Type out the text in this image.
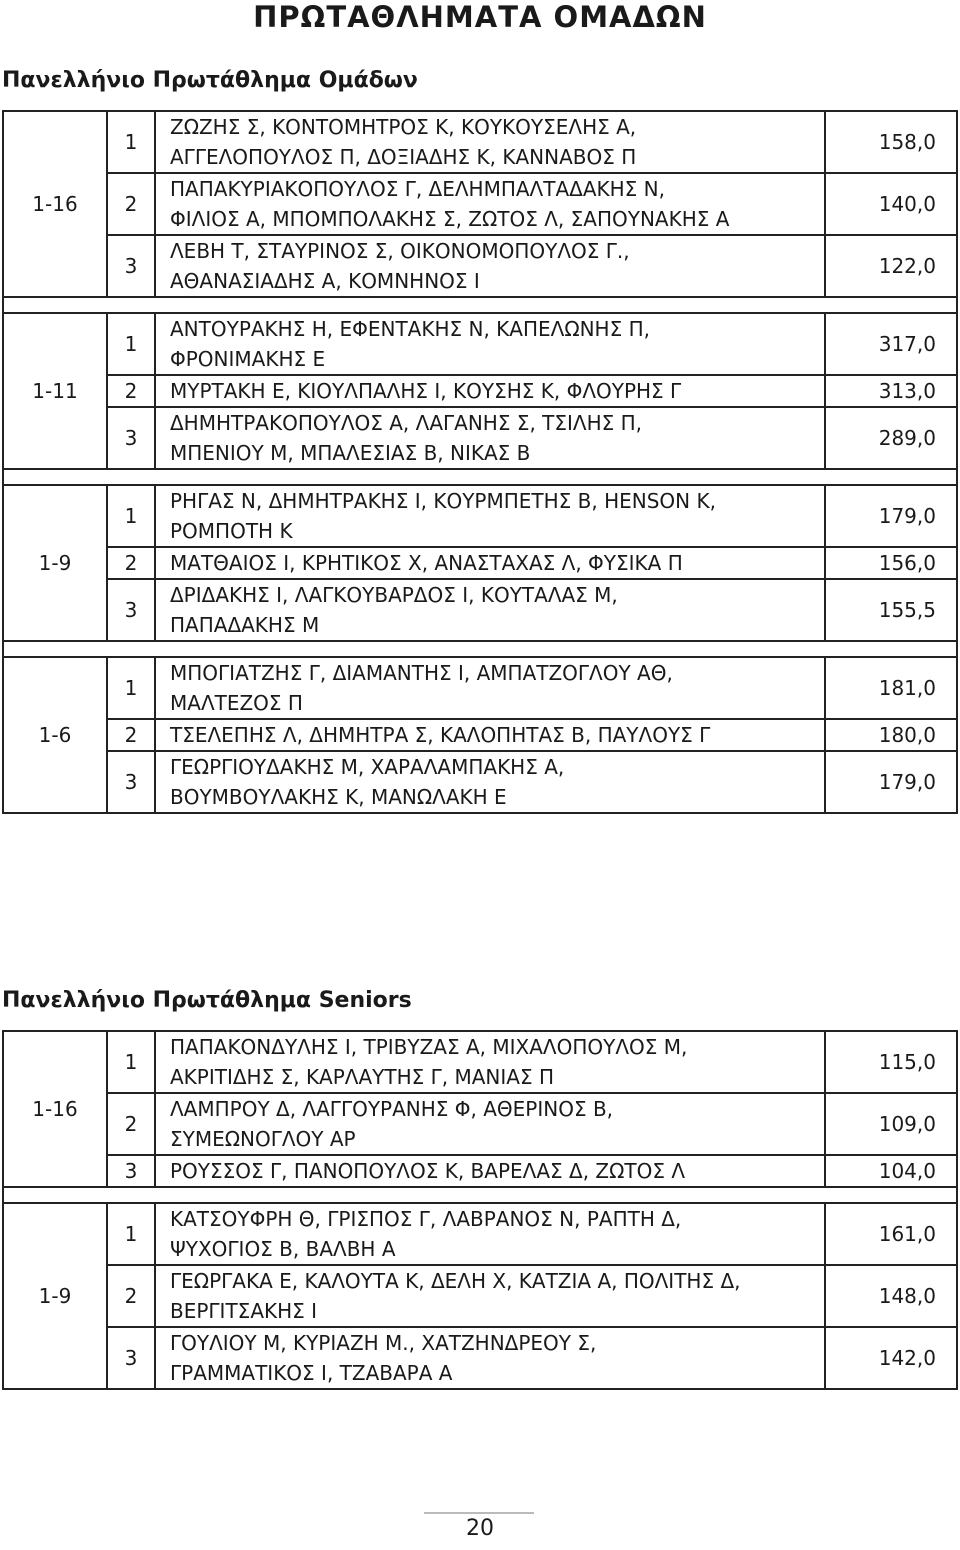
ΠΡΩΤΑΘΛΗΜΑΤΑ ΟΜΑΔΩΝ
Πανελλήνιο Πρωτάθλημα Ομάδων
1-16	1	ΖΩΖΗΣ Σ, ΚΟΝΤΟΜΗΤΡΟΣ Κ, ΚΟΥΚΟΥΣΕΛΗΣ Α,
ΑΓΓΕΛΟΠΟΥΛΟΣ Π, ΔΟΞΙΑΔΗΣ Κ, ΚΑΝΝΑΒΟΣ Π	158,0
	2	ΠΑΠΑΚΥΡΙΑΚΟΠΟΥΛΟΣ Γ, ΔΕΛΗΜΠΑΛΤΑΔΑΚΗΣ Ν,
ΦΙΛΙΟΣ Α, ΜΠΟΜΠΟΛΑΚΗΣ Σ, ΖΩΤΟΣ Λ, ΣΑΠΟΥΝΑΚΗΣ Α	140,0
	3	ΛΕΒΗ Τ, ΣΤΑΥΡΙΝΟΣ Σ, ΟΙΚΟΝΟΜΟΠΟΥΛΟΣ Γ.,
ΑΘΑΝΑΣΙΑΔΗΣ Α, ΚΟΜΝΗΝΟΣ Ι	122,0

1-11	1	ΑΝΤΟΥΡΑΚΗΣ Η, ΕΦΕΝΤΑΚΗΣ Ν, ΚΑΠΕΛΩΝΗΣ Π,
ΦΡΟΝΙΜΑΚΗΣ Ε	317,0
	2	ΜΥΡΤΑΚΗ Ε, ΚΙΟΥΛΠΑΛΗΣ Ι, ΚΟΥΣΗΣ Κ, ΦΛΟΥΡΗΣ Γ	313,0
	3	ΔΗΜΗΤΡΑΚΟΠΟΥΛΟΣ Α, ΛΑΓΑΝΗΣ Σ, ΤΣΙΛΗΣ Π,
ΜΠΕΝΙΟΥ Μ, ΜΠΑΛΕΣΙΑΣ Β, ΝΙΚΑΣ Β	289,0

1-9	1	ΡΗΓΑΣ Ν, ΔΗΜΗΤΡΑΚΗΣ Ι, ΚΟΥΡΜΠΕΤΗΣ Β, HENSON Κ,
ΡΟΜΠΟΤΗ Κ	179,0
	2	ΜΑΤΘΑΙΟΣ Ι, ΚΡΗΤΙΚΟΣ Χ, ΑΝΑΣΤΑΧΑΣ Λ, ΦΥΣΙΚΑ Π	156,0
	3	ΔΡΙΔΑΚΗΣ Ι, ΛΑΓΚΟΥΒΑΡΔΟΣ Ι, ΚΟΥΤΑΛΑΣ Μ,
ΠΑΠΑΔΑΚΗΣ Μ	155,5

1-6	1	ΜΠΟΓΙΑΤΖΗΣ Γ, ΔΙΑΜΑΝΤΗΣ Ι, ΑΜΠΑΤΖΟΓΛΟΥ ΑΘ,
ΜΑΛΤΕΖΟΣ Π	181,0
	2	ΤΣΕΛΕΠΗΣ Λ, ΔΗΜΗΤΡΑ Σ, ΚΑΛΟΠΗΤΑΣ Β, ΠΑΥΛΟΥΣ Γ	180,0
	3	ΓΕΩΡΓΙΟΥΔΑΚΗΣ Μ, ΧΑΡΑΛΑΜΠΑΚΗΣ Α,
ΒΟΥΜΒΟΥΛΑΚΗΣ Κ, ΜΑΝΩΛΑΚΗ Ε	179,0
Πανελλήνιο Πρωτάθλημα Seniors
1-16	1	ΠΑΠΑΚΟΝΔΥΛΗΣ Ι, ΤΡΙΒΥΖΑΣ Α, ΜΙΧΑΛΟΠΟΥΛΟΣ Μ,
ΑΚΡΙΤΙΔΗΣ Σ, ΚΑΡΛΑΥΤΗΣ Γ, ΜΑΝΙΑΣ Π	115,0
	2	ΛΑΜΠΡΟΥ Δ, ΛΑΓΓΟΥΡΑΝΗΣ Φ, ΑΘΕΡΙΝΟΣ Β,
ΣΥΜΕΩΝΟΓΛΟΥ ΑΡ	109,0
	3	ΡΟΥΣΣΟΣ Γ, ΠΑΝΟΠΟΥΛΟΣ Κ, ΒΑΡΕΛΑΣ Δ, ΖΩΤΟΣ Λ	104,0

1-9	1	ΚΑΤΣΟΥΦΡΗ Θ, ΓΡΙΣΠΟΣ Γ, ΛΑΒΡΑΝΟΣ Ν, ΡΑΠΤΗ Δ,
ΨΥΧΟΓΙΟΣ Β, ΒΑΛΒΗ Α	161,0
	2	ΓΕΩΡΓΑΚΑ Ε, ΚΑΛΟΥΤΑ Κ, ΔΕΛΗ Χ, ΚΑΤΖΙΑ Α, ΠΟΛΙΤΗΣ Δ,
ΒΕΡΓΙΤΣΑΚΗΣ Ι	148,0
	3	ΓΟΥΛΙΟΥ Μ, ΚΥΡΙΑΖΗ Μ., ΧΑΤΖΗΝΔΡΕΟΥ Σ,
ΓΡΑΜΜΑΤΙΚΟΣ Ι, ΤΖΑΒΑΡΑ Α	142,0
20
